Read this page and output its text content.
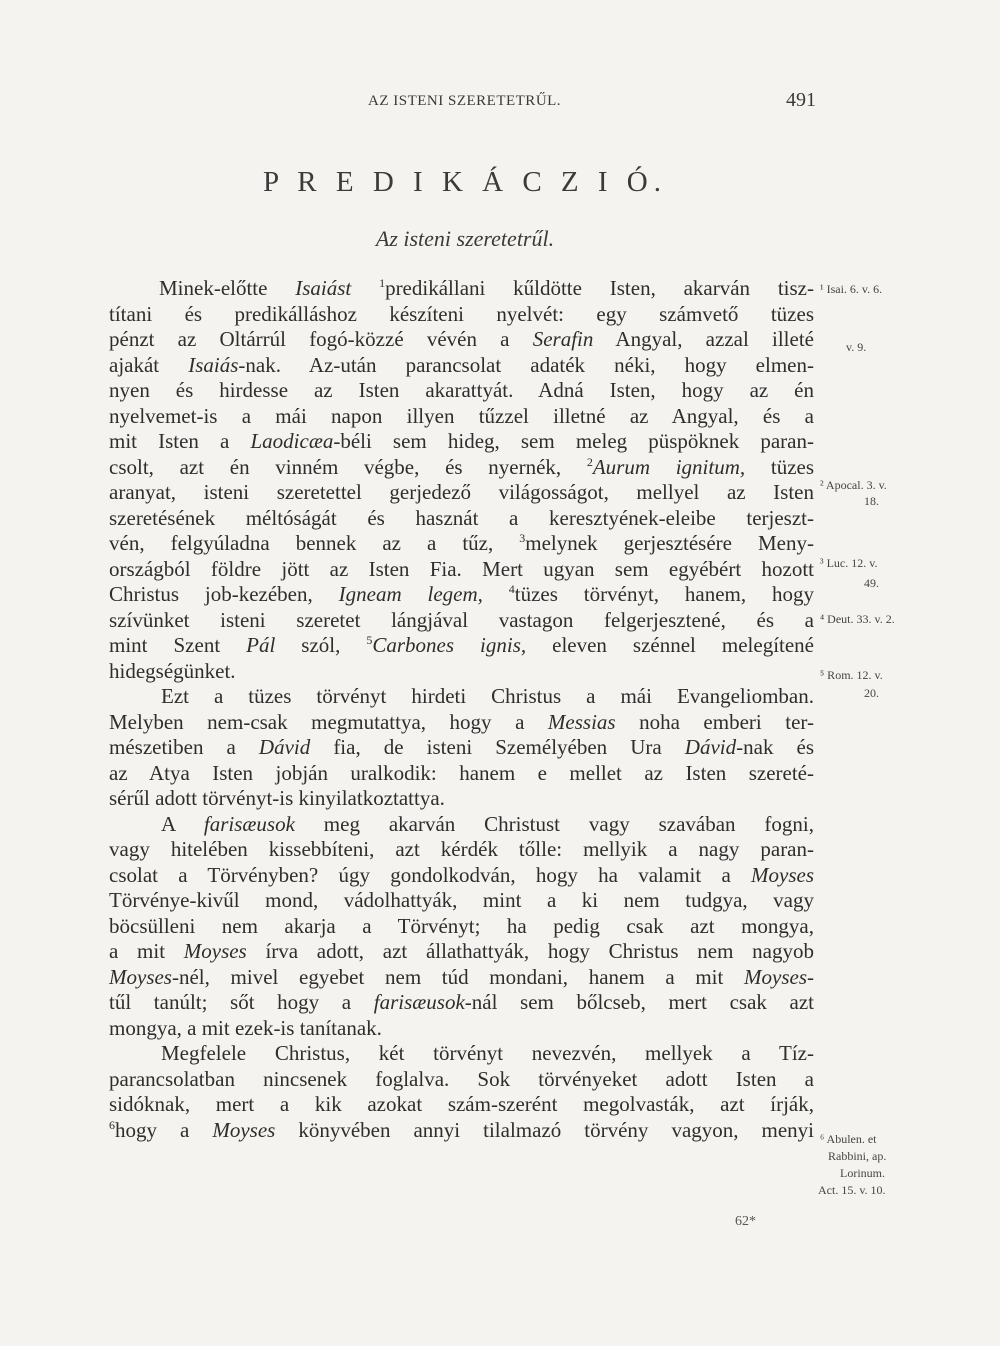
AZ ISTENI SZERETETRŰL.	491
P R E D I K Á C Z I Ó.
Az isteni szeretetrűl.
Minek-előtte Isaiást $^1$predikállani kűldötte Isten, akarván tisz-
títani és predikálláshoz készíteni nyelvét: egy számvető tüzes
pénzt az Oltárrúl fogó-közzé vévén a Serafin Angyal, azzal illeté
ajakát Isaiás-nak. Az-után parancsolat adaték néki, hogy elmen-
nyen és hirdesse az Isten akarattyát. Adná Isten, hogy az én
nyelvemet-is a mái napon illyen tűzzel illetné az Angyal, és a
mit Isten a Laodicæa-béli sem hideg, sem meleg püspöknek paran-
csolt, azt én vinném végbe, és nyernék, $^2$Aurum ignitum, tüzes
aranyat, isteni szeretettel gerjedező világosságot, mellyel az Isten
szeretésének méltóságát és hasznát a keresztyének-eleibe terjeszt-
vén, felgyúladna bennek az a tűz, $^3$melynek gerjesztésére Meny-
országból földre jött az Isten Fia. Mert ugyan sem egyébért hozott
Christus job-kezében, Igneam legem, $^4$tüzes törvényt, hanem, hogy
szívünket isteni szeretet lángjával vastagon felgerjesztené, és a
mint Szent Pál szól, $^5$Carbones ignis, eleven szénnel melegítené
hidegségünket.
Ezt a tüzes törvényt hirdeti Christus a mái Evangeliomban.
Melyben nem-csak megmutattya, hogy a Messias noha emberi ter-
mészetiben a Dávid fia, de isteni Személyében Ura Dávid-nak és
az Atya Isten jobján uralkodik: hanem e mellet az Isten szereté-
sérűl adott törvényt-is kinyilatkoztattya.
A farisæusok meg akarván Christust vagy szavában fogni,
vagy hitelében kissebbíteni, azt kérdék tőlle: mellyik a nagy paran-
csolat a Törvényben? úgy gondolkodván, hogy ha valamit a Moyses
Törvénye-kivűl mond, vádolhattyák, mint a ki nem tudgya, vagy
böcsülleni nem akarja a Törvényt; ha pedig csak azt mongya,
a mit Moyses írva adott, azt állathattyák, hogy Christus nem nagyob
Moyses-nél, mivel egyebet nem túd mondani, hanem a mit Moyses-
tűl tanúlt; sőt hogy a farisæusok-nál sem bőlcseb, mert csak azt
mongya, a mit ezek-is tanítanak.
Megfelele Christus, két törvényt nevezvén, mellyek a Tíz-
parancsolatban nincsenek foglalva. Sok törvényeket adott Isten a
sidóknak, mert a kik azokat szám-szerént megolvasták, azt írják,
$^6$hogy a Moyses könyvében annyi tilalmazó törvény vagyon, menyi
¹ Isai. 6. v. 6.
v. 9.
² Apocal. 3. v.
18.
³ Luc. 12. v.
49.
⁴ Deut. 33. v. 2.
⁵ Rom. 12. v.
20.
⁶ Abulen. et
Rabbini, ap.
Lorinum.
Act. 15. v. 10.
62*
